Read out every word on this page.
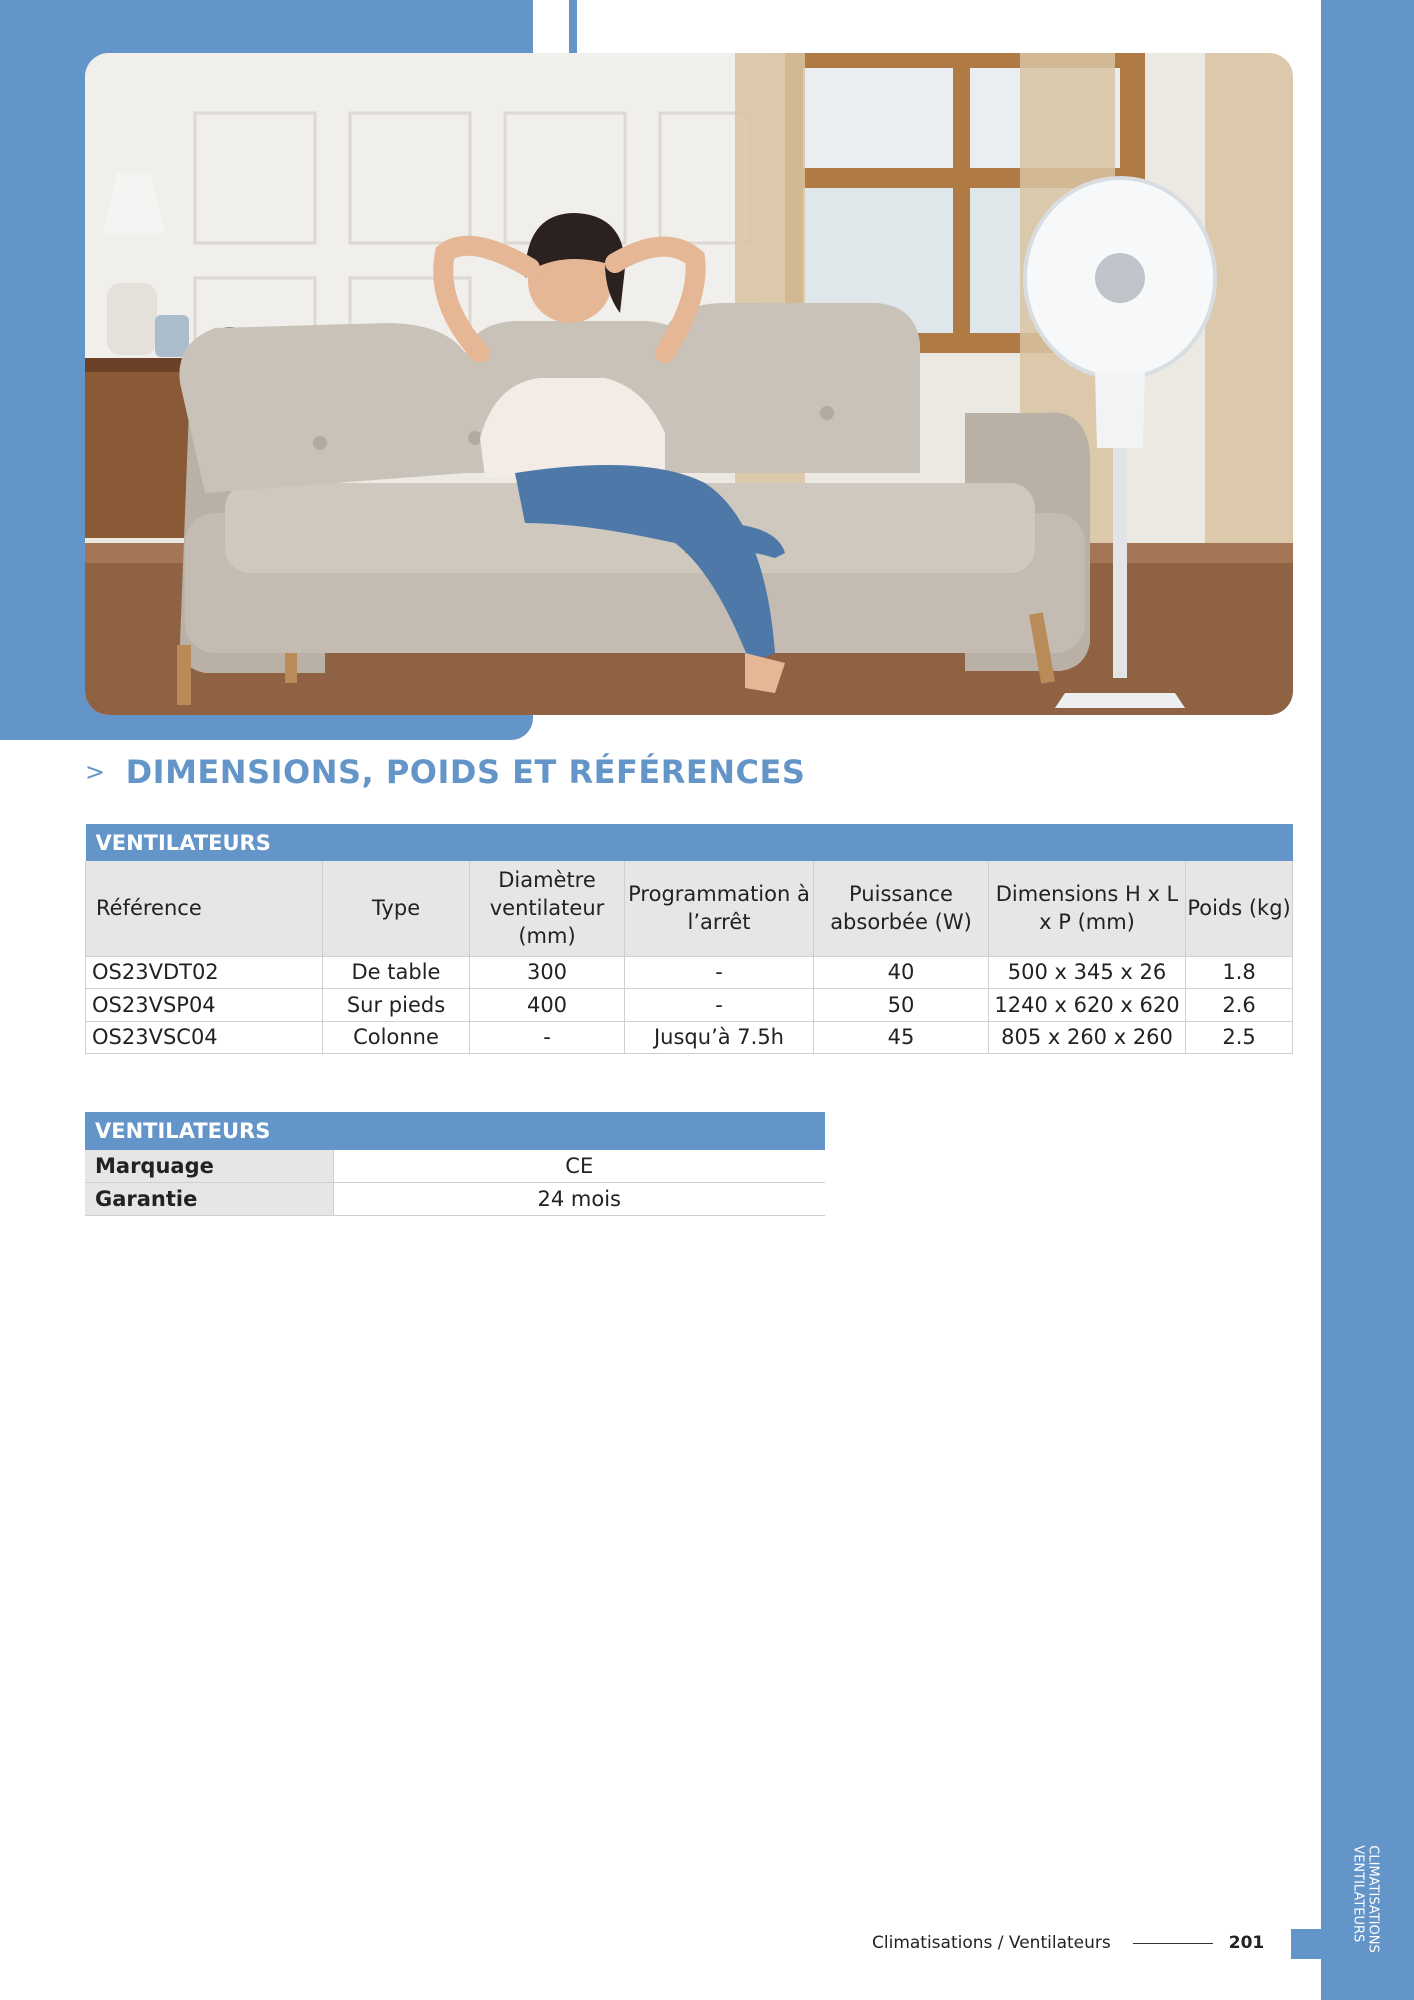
> DIMENSIONS, POIDS ET RÉFÉRENCES
VENTILATEURS						
Référence	Type	Diamètre ventilateur (mm)	Programmation à l’arrêt	Puissance absorbée (W)	Dimensions H x L x P (mm)	Poids (kg)
OS23VDT02	De table	300	-	40	500 x 345 x 26	1.8
OS23VSP04	Sur pieds	400	-	50	1240 x 620 x 620	2.6
OS23VSC04	Colonne	-	Jusqu’à 7.5h	45	805 x 260 x 260	2.5
VENTILATEURS	
Marquage	CE
Garantie	24 mois
Climatisations / Ventilateurs	201	CLIMATISATIONS
VENTILATEURS
